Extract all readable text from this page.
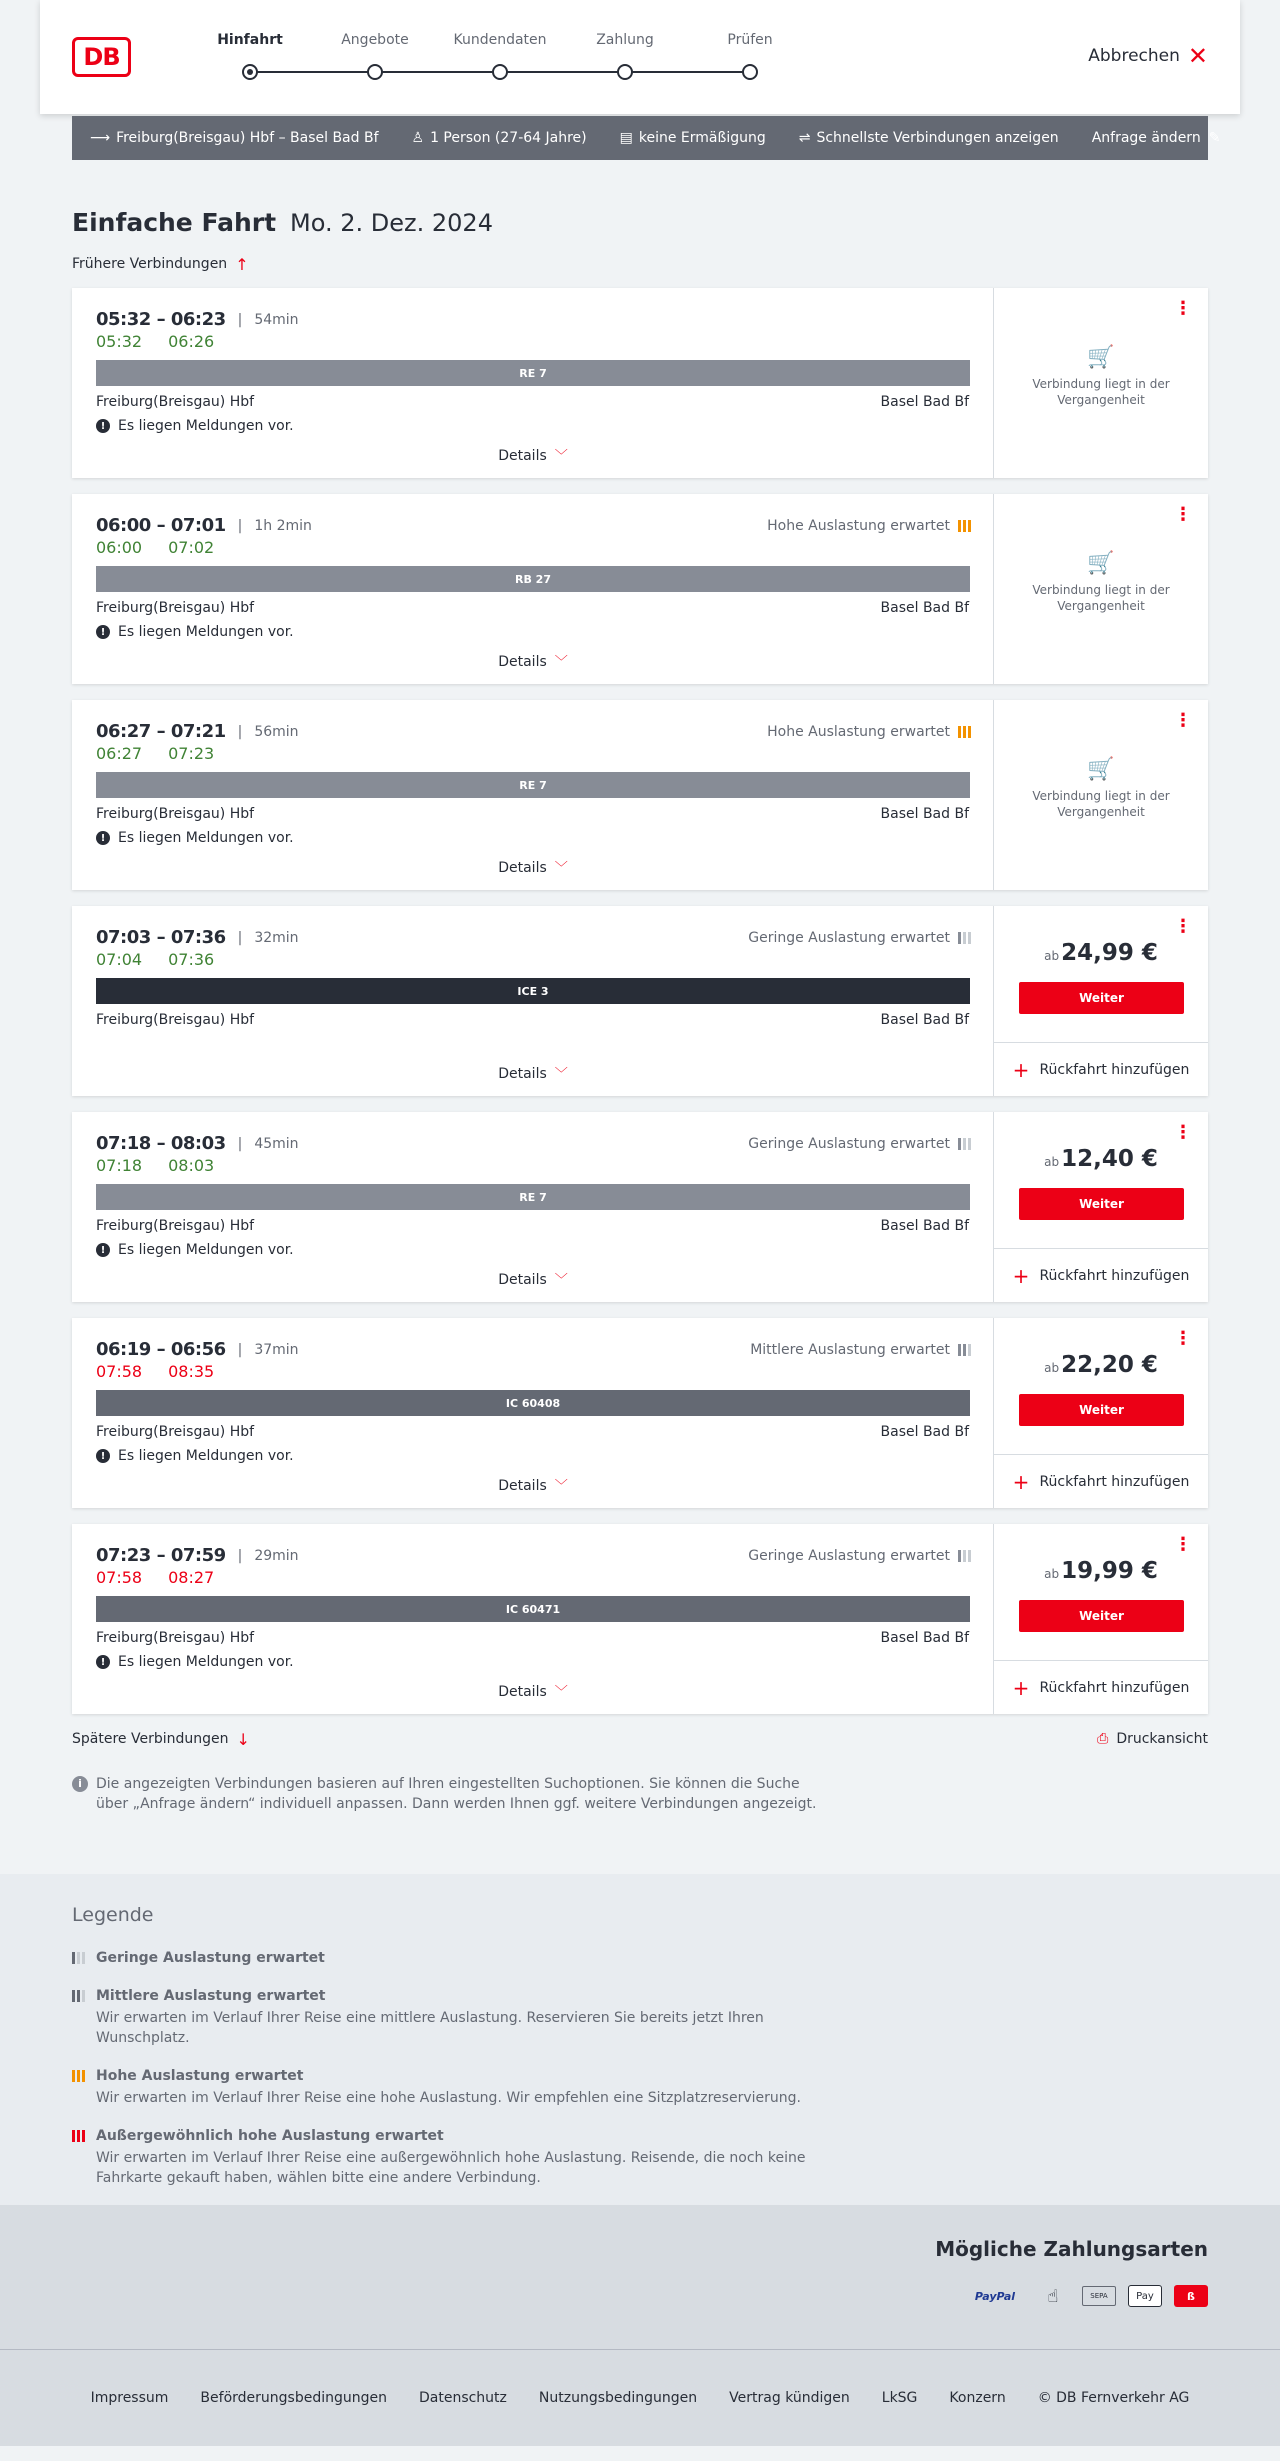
DB
Hinfahrt	Angebote	Kundendaten	Zahlung	Prüfen
Abbrechen ✕
⟶ Freiburg(Breisgau) Hbf – Basel Bad Bf ♙ 1 Person (27-64 Jahre) ▤ keine Ermäßigung ⇌ Schnellste Verbindungen anzeigen Anfrage ändern ✎
Einfache Fahrt Mo. 2. Dez. 2024
Frühere Verbindungen ↑
05:32 – 06:23 | 54min
05:32 06:26
RE 7
Freiburg(Breisgau) Hbf	Basel Bad Bf
! Es liegen Meldungen vor.
Details ﹀
⋮
🛒
Verbindung liegt in der Vergangenheit
06:00 – 07:01 | 1h 2min
06:00 07:02
Hohe Auslastung erwartet
RB 27
Freiburg(Breisgau) Hbf	Basel Bad Bf
! Es liegen Meldungen vor.
Details ﹀
⋮
🛒
Verbindung liegt in der Vergangenheit
06:27 – 07:21 | 56min
06:27 07:23
Hohe Auslastung erwartet
RE 7
Freiburg(Breisgau) Hbf	Basel Bad Bf
! Es liegen Meldungen vor.
Details ﹀
⋮
🛒
Verbindung liegt in der Vergangenheit
07:03 – 07:36 | 32min
07:04 07:36
Geringe Auslastung erwartet
ICE 3
Freiburg(Breisgau) Hbf	Basel Bad Bf
Details ﹀
⋮
ab24,99 €
Weiter
+ Rückfahrt hinzufügen
07:18 – 08:03 | 45min
07:18 08:03
Geringe Auslastung erwartet
RE 7
Freiburg(Breisgau) Hbf	Basel Bad Bf
! Es liegen Meldungen vor.
Details ﹀
⋮
ab12,40 €
Weiter
+ Rückfahrt hinzufügen
06:19 – 06:56 | 37min
07:58 08:35
Mittlere Auslastung erwartet
IC 60408
Freiburg(Breisgau) Hbf	Basel Bad Bf
! Es liegen Meldungen vor.
Details ﹀
⋮
ab22,20 €
Weiter
+ Rückfahrt hinzufügen
07:23 – 07:59 | 29min
07:58 08:27
Geringe Auslastung erwartet
IC 60471
Freiburg(Breisgau) Hbf	Basel Bad Bf
! Es liegen Meldungen vor.
Details ﹀
⋮
ab19,99 €
Weiter
+ Rückfahrt hinzufügen
Spätere Verbindungen ↓	⎙ Druckansicht
i	Die angezeigten Verbindungen basieren auf Ihren eingestellten Suchoptionen. Sie können die Suche über „Anfrage ändern“ individuell anpassen. Dann werden Ihnen ggf. weitere Verbindungen angezeigt.
Legende
Geringe Auslastung erwartet
Mittlere Auslastung erwartet
Wir erwarten im Verlauf Ihrer Reise eine mittlere Auslastung. Reservieren Sie bereits jetzt Ihren Wunschplatz.
Hohe Auslastung erwartet
Wir erwarten im Verlauf Ihrer Reise eine hohe Auslastung. Wir empfehlen eine Sitzplatzreservierung.
Außergewöhnlich hohe Auslastung erwartet
Wir erwarten im Verlauf Ihrer Reise eine außergewöhnlich hohe Auslastung. Reisende, die noch keine Fahrkarte gekauft haben, wählen bitte eine andere Verbindung.
Mögliche Zahlungsarten
PayPal	☝	SEPA	Pay	ß
Impressum Beförderungsbedingungen Datenschutz Nutzungsbedingungen Vertrag kündigen LkSG Konzern © DB Fernverkehr AG
